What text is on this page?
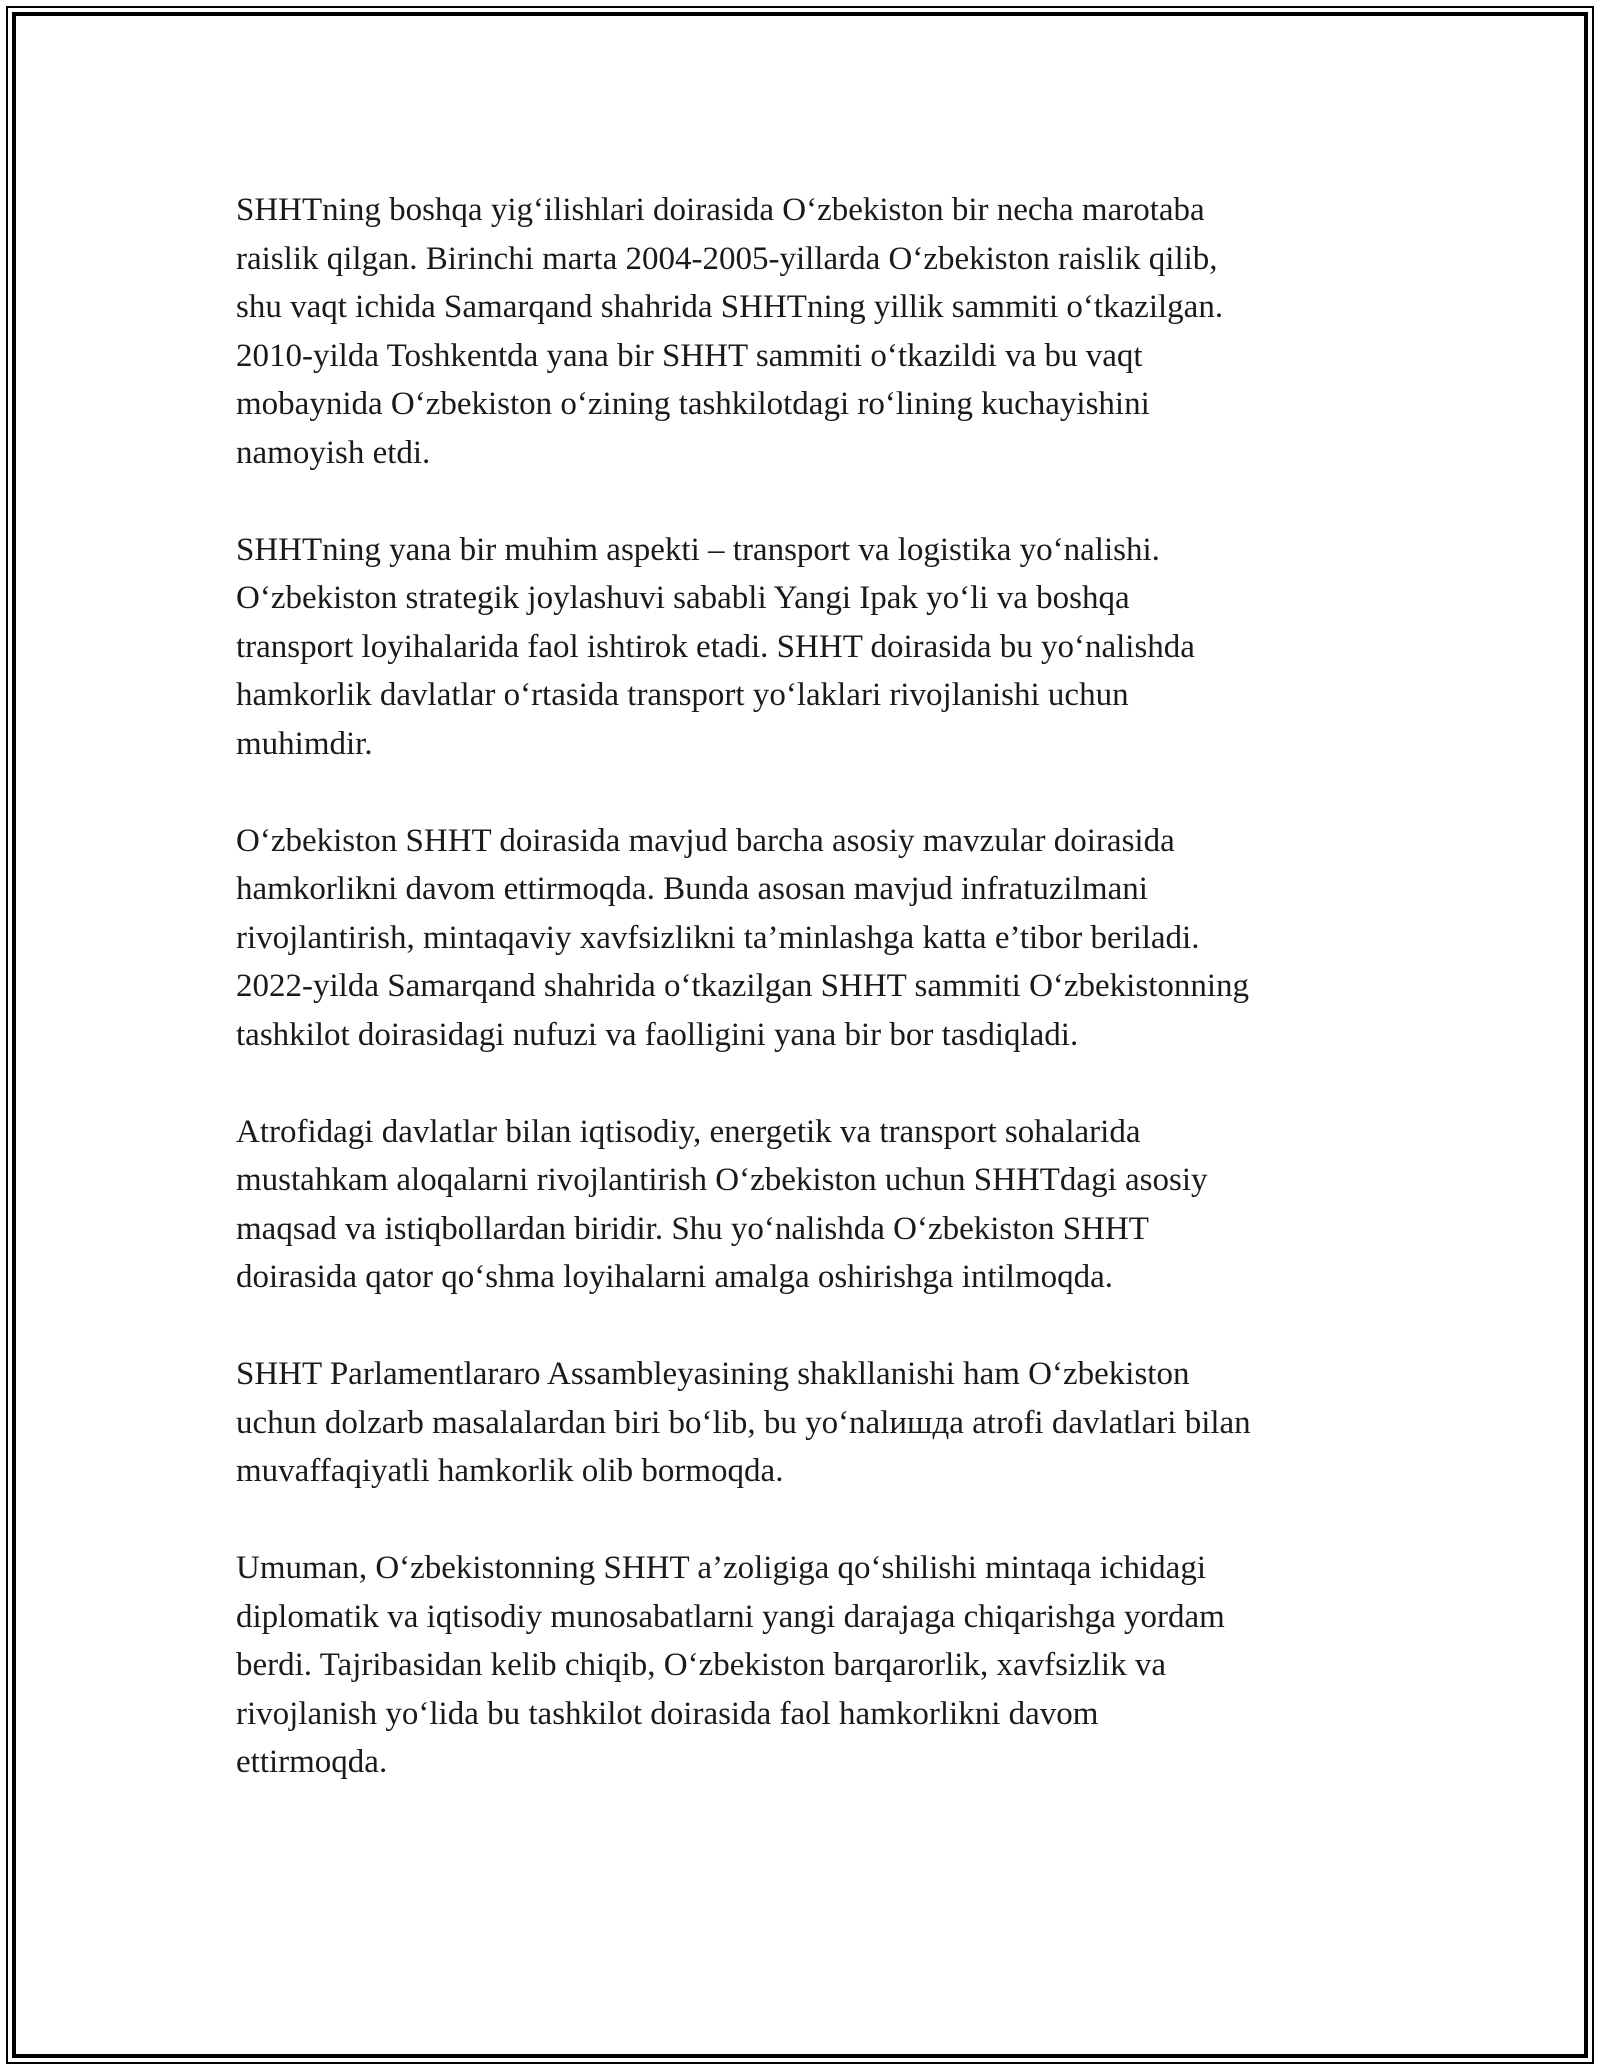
SHHTning boshqa yig‘ilishlari doirasida O‘zbekiston bir necha marotaba
raislik qilgan. Birinchi marta 2004-2005-yillarda O‘zbekiston raislik qilib,
shu vaqt ichida Samarqand shahrida SHHTning yillik sammiti o‘tkazilgan.
2010-yilda Toshkentda yana bir SHHT sammiti o‘tkazildi va bu vaqt
mobaynida O‘zbekiston o‘zining tashkilotdagi ro‘lining kuchayishini
namoyish etdi.

SHHTning yana bir muhim aspekti – transport va logistika yo‘nalishi.
O‘zbekiston strategik joylashuvi sababli Yangi Ipak yo‘li va boshqa
transport loyihalarida faol ishtirok etadi. SHHT doirasida bu yo‘nalishda
hamkorlik davlatlar o‘rtasida transport yo‘laklari rivojlanishi uchun
muhimdir.

O‘zbekiston SHHT doirasida mavjud barcha asosiy mavzular doirasida
hamkorlikni davom ettirmoqda. Bunda asosan mavjud infratuzilmani
rivojlantirish, mintaqaviy xavfsizlikni ta’minlashga katta e’tibor beriladi.
2022-yilda Samarqand shahrida o‘tkazilgan SHHT sammiti O‘zbekistonning
tashkilot doirasidagi nufuzi va faolligini yana bir bor tasdiqladi.

Atrofidagi davlatlar bilan iqtisodiy, energetik va transport sohalarida
mustahkam aloqalarni rivojlantirish O‘zbekiston uchun SHHTdagi asosiy
maqsad va istiqbollardan biridir. Shu yo‘nalishda O‘zbekiston SHHT
doirasida qator qo‘shma loyihalarni amalga oshirishga intilmoqda.

SHHT Parlamentlararo Assambleyasining shakllanishi ham O‘zbekiston
uchun dolzarb masalalardan biri bo‘lib, bu yo‘nalишда atrofi davlatlari bilan
muvaffaqiyatli hamkorlik olib bormoqda.

Umuman, O‘zbekistonning SHHT a’zoligiga qo‘shilishi mintaqa ichidagi
diplomatik va iqtisodiy munosabatlarni yangi darajaga chiqarishga yordam
berdi. Tajribasidan kelib chiqib, O‘zbekiston barqarorlik, xavfsizlik va
rivojlanish yo‘lida bu tashkilot doirasida faol hamkorlikni davom
ettirmoqda.
